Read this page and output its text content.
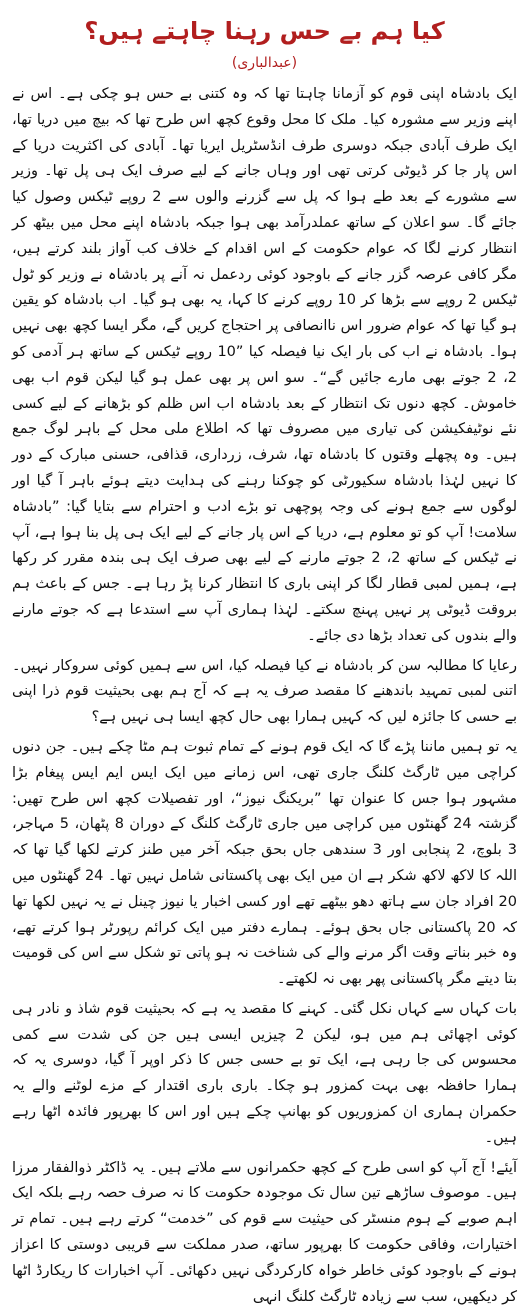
کیا ہم بے حس رہنا چاہتے ہیں؟
(عبدالباری)

ایک بادشاہ اپنی قوم کو آزمانا چاہتا تھا کہ وہ کتنی بے حس ہو چکی ہے۔ اس نے اپنے وزیر سے مشورہ کیا۔ ملک کا محل وقوع کچھ اس طرح تھا کہ بیچ میں دریا تھا، ایک طرف آبادی جبکہ دوسری طرف انڈسٹریل ایریا تھا۔ آبادی کی اکثریت دریا کے اس پار جا کر ڈیوٹی کرتی تھی اور وہاں جانے کے لیے صرف ایک ہی پل تھا۔ وزیر سے مشورے کے بعد طے ہوا کہ پل سے گزرنے والوں سے 2 روپے ٹیکس وصول کیا جائے گا۔ سو اعلان کے ساتھ عملدرآمد بھی ہوا جبکہ بادشاہ اپنے محل میں بیٹھ کر انتظار کرنے لگا کہ عوام حکومت کے اس اقدام کے خلاف کب آواز بلند کرتے ہیں، مگر کافی عرصہ گزر جانے کے باوجود کوئی ردعمل نہ آنے پر بادشاہ نے وزیر کو ٹول ٹیکس 2 روپے سے بڑھا کر 10 روپے کرنے کا کہا، یہ بھی ہو گیا۔ اب بادشاہ کو یقین ہو گیا تھا کہ عوام ضرور اس ناانصافی پر احتجاج کریں گے، مگر ایسا کچھ بھی نہیں ہوا۔ بادشاہ نے اب کی بار ایک نیا فیصلہ کیا ”10 روپے ٹیکس کے ساتھ ہر آدمی کو 2، 2 جوتے بھی مارے جائیں گے“۔ سو اس پر بھی عمل ہو گیا لیکن قوم اب بھی خاموش۔ کچھ دنوں تک انتظار کے بعد بادشاہ اب اس ظلم کو بڑھانے کے لیے کسی نئے نوٹیفکیشن کی تیاری میں مصروف تھا کہ اطلاع ملی محل کے باہر لوگ جمع ہیں۔ وہ پچھلے وقتوں کا بادشاہ تھا، شرف، زرداری، قذافی، حسنی مبارک کے دور کا نہیں لہٰذا بادشاہ سکیورٹی کو چوکنا رہنے کی ہدایت دیتے ہوئے باہر آ گیا اور لوگوں سے جمع ہونے کی وجہ پوچھی تو بڑے ادب و احترام سے بتایا گیا: ”بادشاہ سلامت! آپ کو تو معلوم ہے، دریا کے اس پار جانے کے لیے ایک ہی پل بنا ہوا ہے، آپ نے ٹیکس کے ساتھ 2، 2 جوتے مارنے کے لیے بھی صرف ایک ہی بندہ مقرر کر رکھا ہے، ہمیں لمبی قطار لگا کر اپنی باری کا انتظار کرنا پڑ رہا ہے۔ جس کے باعث ہم بروقت ڈیوٹی پر نہیں پہنچ سکتے۔ لہٰذا ہماری آپ سے استدعا ہے کہ جوتے مارنے والے بندوں کی تعداد بڑھا دی جائے۔

رعایا کا مطالبہ سن کر بادشاہ نے کیا فیصلہ کیا، اس سے ہمیں کوئی سروکار نہیں۔ اتنی لمبی تمہید باندھنے کا مقصد صرف یہ ہے کہ آج ہم بھی بحیثیت قوم ذرا اپنی بے حسی کا جائزہ لیں کہ کہیں ہمارا بھی حال کچھ ایسا ہی نہیں ہے؟

یہ تو ہمیں ماننا پڑے گا کہ ایک قوم ہونے کے تمام ثبوت ہم مٹا چکے ہیں۔ جن دنوں کراچی میں ٹارگٹ کلنگ جاری تھی، اس زمانے میں ایک ایس ایم ایس پیغام بڑا مشہور ہوا جس کا عنوان تھا ”بریکنگ نیوز“، اور تفصیلات کچھ اس طرح تھیں: گزشتہ 24 گھنٹوں میں کراچی میں جاری ٹارگٹ کلنگ کے دوران 8 پٹھان، 5 مہاجر، 3 بلوچ، 2 پنجابی اور 3 سندھی جاں بحق جبکہ آخر میں طنز کرتے لکھا گیا تھا کہ اللہ کا لاکھ لاکھ شکر ہے ان میں ایک بھی پاکستانی شامل نہیں تھا۔ 24 گھنٹوں میں 20 افراد جان سے ہاتھ دھو بیٹھے تھے اور کسی اخبار یا نیوز چینل نے یہ نہیں لکھا تھا کہ 20 پاکستانی جاں بحق ہوئے۔ ہمارے دفتر میں ایک کرائم رپورٹر ہوا کرتے تھے، وہ خبر بناتے وقت اگر مرنے والے کی شناخت نہ ہو پاتی تو شکل سے اس کی قومیت بتا دیتے مگر پاکستانی پھر بھی نہ لکھتے۔

بات کہاں سے کہاں نکل گئی۔ کہنے کا مقصد یہ ہے کہ بحیثیت قوم شاذ و نادر ہی کوئی اچھائی ہم میں ہو، لیکن 2 چیزیں ایسی ہیں جن کی شدت سے کمی محسوس کی جا رہی ہے، ایک تو بے حسی جس کا ذکر اوپر آ گیا، دوسری یہ کہ ہمارا حافظہ بھی بہت کمزور ہو چکا۔ باری باری اقتدار کے مزے لوٹنے والے یہ حکمران ہماری ان کمزوریوں کو بھانپ چکے ہیں اور اس کا بھرپور فائدہ اٹھا رہے ہیں۔

آیئے! آج آپ کو اسی طرح کے کچھ حکمرانوں سے ملاتے ہیں۔ یہ ڈاکٹر ذوالفقار مرزا ہیں۔ موصوف ساڑھے تین سال تک موجودہ حکومت کا نہ صرف حصہ رہے بلکہ ایک اہم صوبے کے ہوم منسٹر کی حیثیت سے قوم کی ”خدمت“ کرتے رہے ہیں۔ تمام تر اختیارات، وفاقی حکومت کا بھرپور ساتھ، صدر مملکت سے قریبی دوستی کا اعزاز ہونے کے باوجود کوئی خاطر خواہ کارکردگی نہیں دکھائی۔ آپ اخبارات کا ریکارڈ اٹھا کر دیکھیں، سب سے زیادہ ٹارگٹ کلنگ انہی
